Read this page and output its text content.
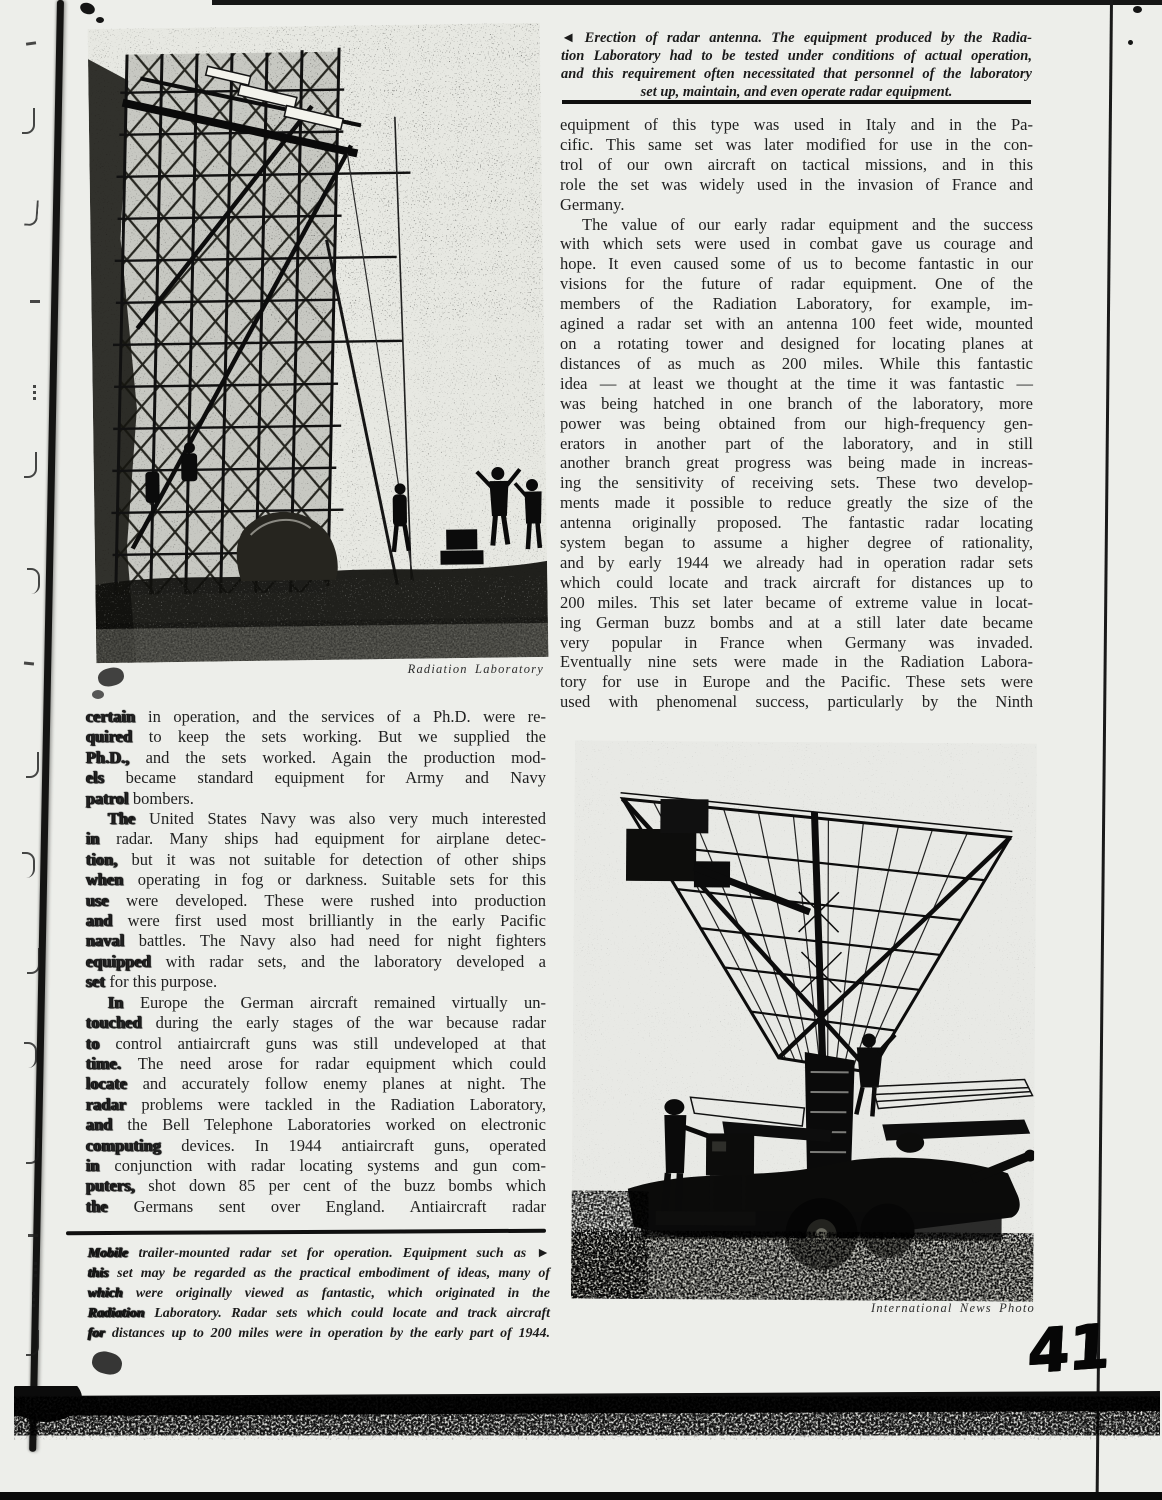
Radiation Laboratory
◄ Erection of radar antenna. The equipment produced by the Radia-
tion Laboratory had to be tested under conditions of actual operation,
and this requirement often necessitated that personnel of the laboratory
set up, maintain, and even operate radar equipment.
equipment of this type was used in Italy and in the Pa-
cific. This same set was later modified for use in the con-
trol of our own aircraft on tactical missions, and in this
role the set was widely used in the invasion of France and
Germany.
The value of our early radar equipment and the success
with which sets were used in combat gave us courage and
hope. It even caused some of us to become fantastic in our
visions for the future of radar equipment. One of the
members of the Radiation Laboratory, for example, im-
agined a radar set with an antenna 100 feet wide, mounted
on a rotating tower and designed for locating planes at
distances of as much as 200 miles. While this fantastic
idea — at least we thought at the time it was fantastic —
was being hatched in one branch of the laboratory, more
power was being obtained from our high-frequency gen-
erators in another part of the laboratory, and in still
another branch great progress was being made in increas-
ing the sensitivity of receiving sets. These two develop-
ments made it possible to reduce greatly the size of the
antenna originally proposed. The fantastic radar locating
system began to assume a higher degree of rationality,
and by early 1944 we already had in operation radar sets
which could locate and track aircraft for distances up to
200 miles. This set later became of extreme value in locat-
ing German buzz bombs and at a still later date became
very popular in France when Germany was invaded.
Eventually nine sets were made in the Radiation Labora-
tory for use in Europe and the Pacific. These sets were
used with phenomenal success, particularly by the Ninth
certain in operation, and the services of a Ph.D. were re-
quired to keep the sets working. But we supplied the
Ph.D., and the sets worked. Again the production mod-
els became standard equipment for Army and Navy
patrol bombers.
The United States Navy was also very much interested
in radar. Many ships had equipment for airplane detec-
tion, but it was not suitable for detection of other ships
when operating in fog or darkness. Suitable sets for this
use were developed. These were rushed into production
and were first used most brilliantly in the early Pacific
naval battles. The Navy also had need for night fighters
equipped with radar sets, and the laboratory developed a
set for this purpose.
In Europe the German aircraft remained virtually un-
touched during the early stages of the war because radar
to control antiaircraft guns was still undeveloped at that
time. The need arose for radar equipment which could
locate and accurately follow enemy planes at night. The
radar problems were tackled in the Radiation Laboratory,
and the Bell Telephone Laboratories worked on electronic
computing devices. In 1944 antiaircraft guns, operated
in conjunction with radar locating systems and gun com-
puters, shot down 85 per cent of the buzz bombs which
the Germans sent over England. Antiaircraft radar
Mobile trailer-mounted radar set for operation. Equipment such as ►
this set may be regarded as the practical embodiment of ideas, many of
which were originally viewed as fantastic, which originated in the
Radiation Laboratory. Radar sets which could locate and track aircraft
for distances up to 200 miles were in operation by the early part of 1944.
International News Photo
41
